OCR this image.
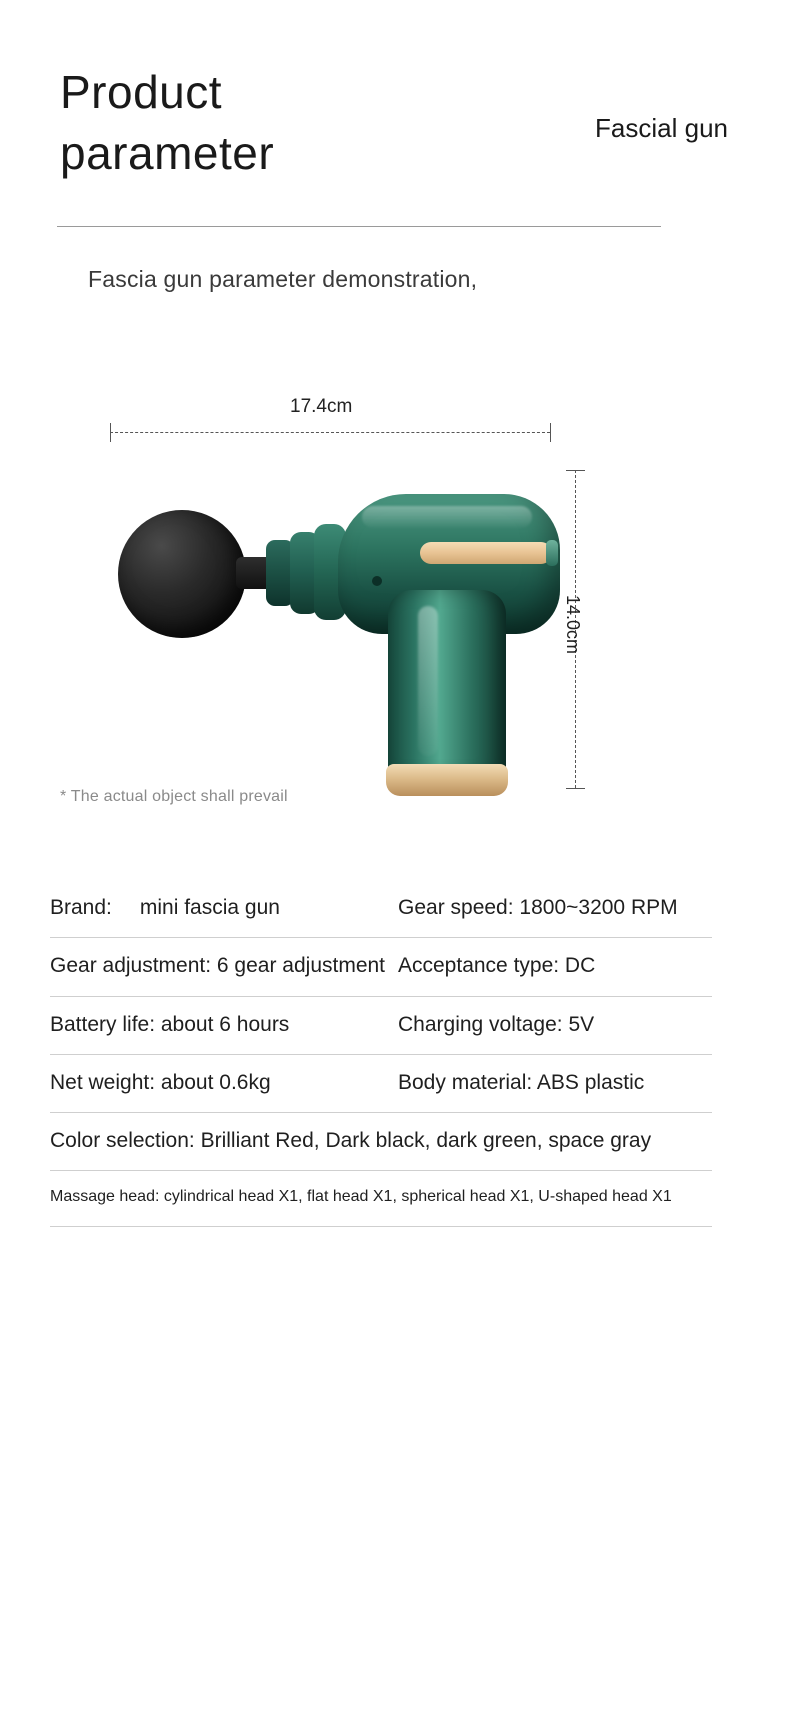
Product
parameter	Fascial gun
Fascia gun parameter demonstration,
17.4cm
14.0cm
* The actual object shall prevail
Brand: mini fascia gun	Gear speed: 1800~3200 RPM
Gear adjustment: 6 gear adjustment Acceptance type: DC
Battery life: about 6 hours	Charging voltage: 5V
Net weight: about 0.6kg	Body material: ABS plastic
Color selection: Brilliant Red, Dark black, dark green, space gray
Massage head: cylindrical head X1, flat head X1, spherical head X1, U-shaped head X1
